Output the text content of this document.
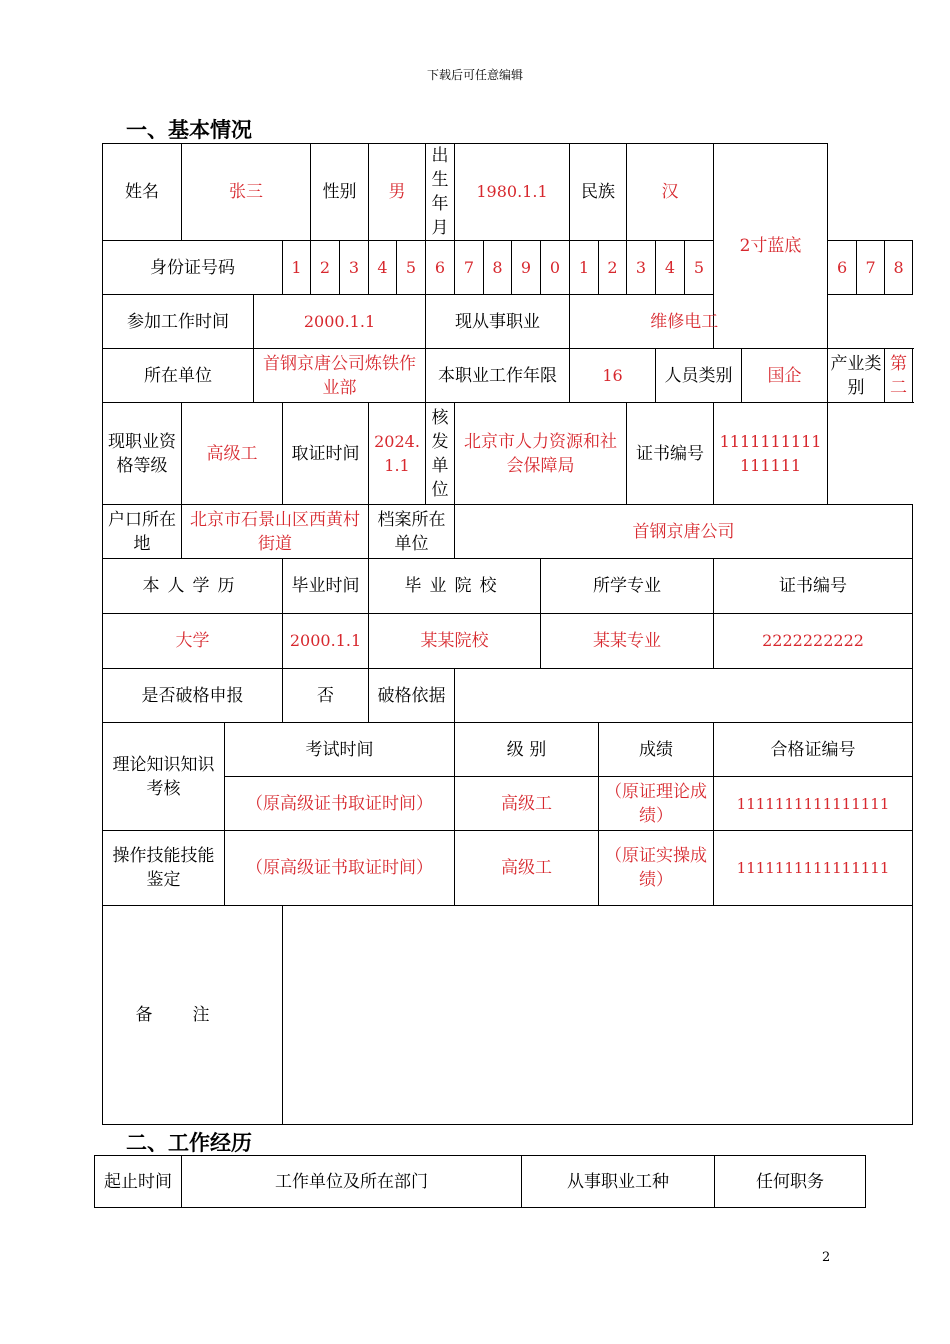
下载后可任意编辑
一、基本情况
姓名	张三				性别		男		出生年月	1980.1.1				民族		汉			2寸蓝底				
身份证号码				1	2	3	4	5	6	7	8	9	0	1	2	3	4	5			6	7	8
参加工作时间			2000.1.1						现从事职业					维修电工									
所在单位			首钢京唐公司炼铁作业部						本职业工作年限					16			人员类别			国企	产业类别		第二
现职业资格等级	高级工			取证时间			2024.1.1		核发单位	北京市人力资源和社会保障局						证书编号			1111111111111111				
户口所在地	北京市石景山区西黄村街道						档案所在单位			首钢京唐公司													
本人学历				毕业时间			毕业院校						所学专业						证书编号				
大学				2000.1.1			某某院校						某某专业						2222222222				
是否破格申报				否			破格依据																
理论知识知识考核		考试时间								级 别					成绩				合格证编号				
		（原高级证书取证时间）								高级工					（原证理论成绩）				1111111111111111				
操作技能技能鉴定		（原高级证书取证时间）								高级工					（原证实操成绩）				1111111111111111				
备注																							
二、工作经历
起止时间	工作单位及所在部门	从事职业工种	任何职务
2
